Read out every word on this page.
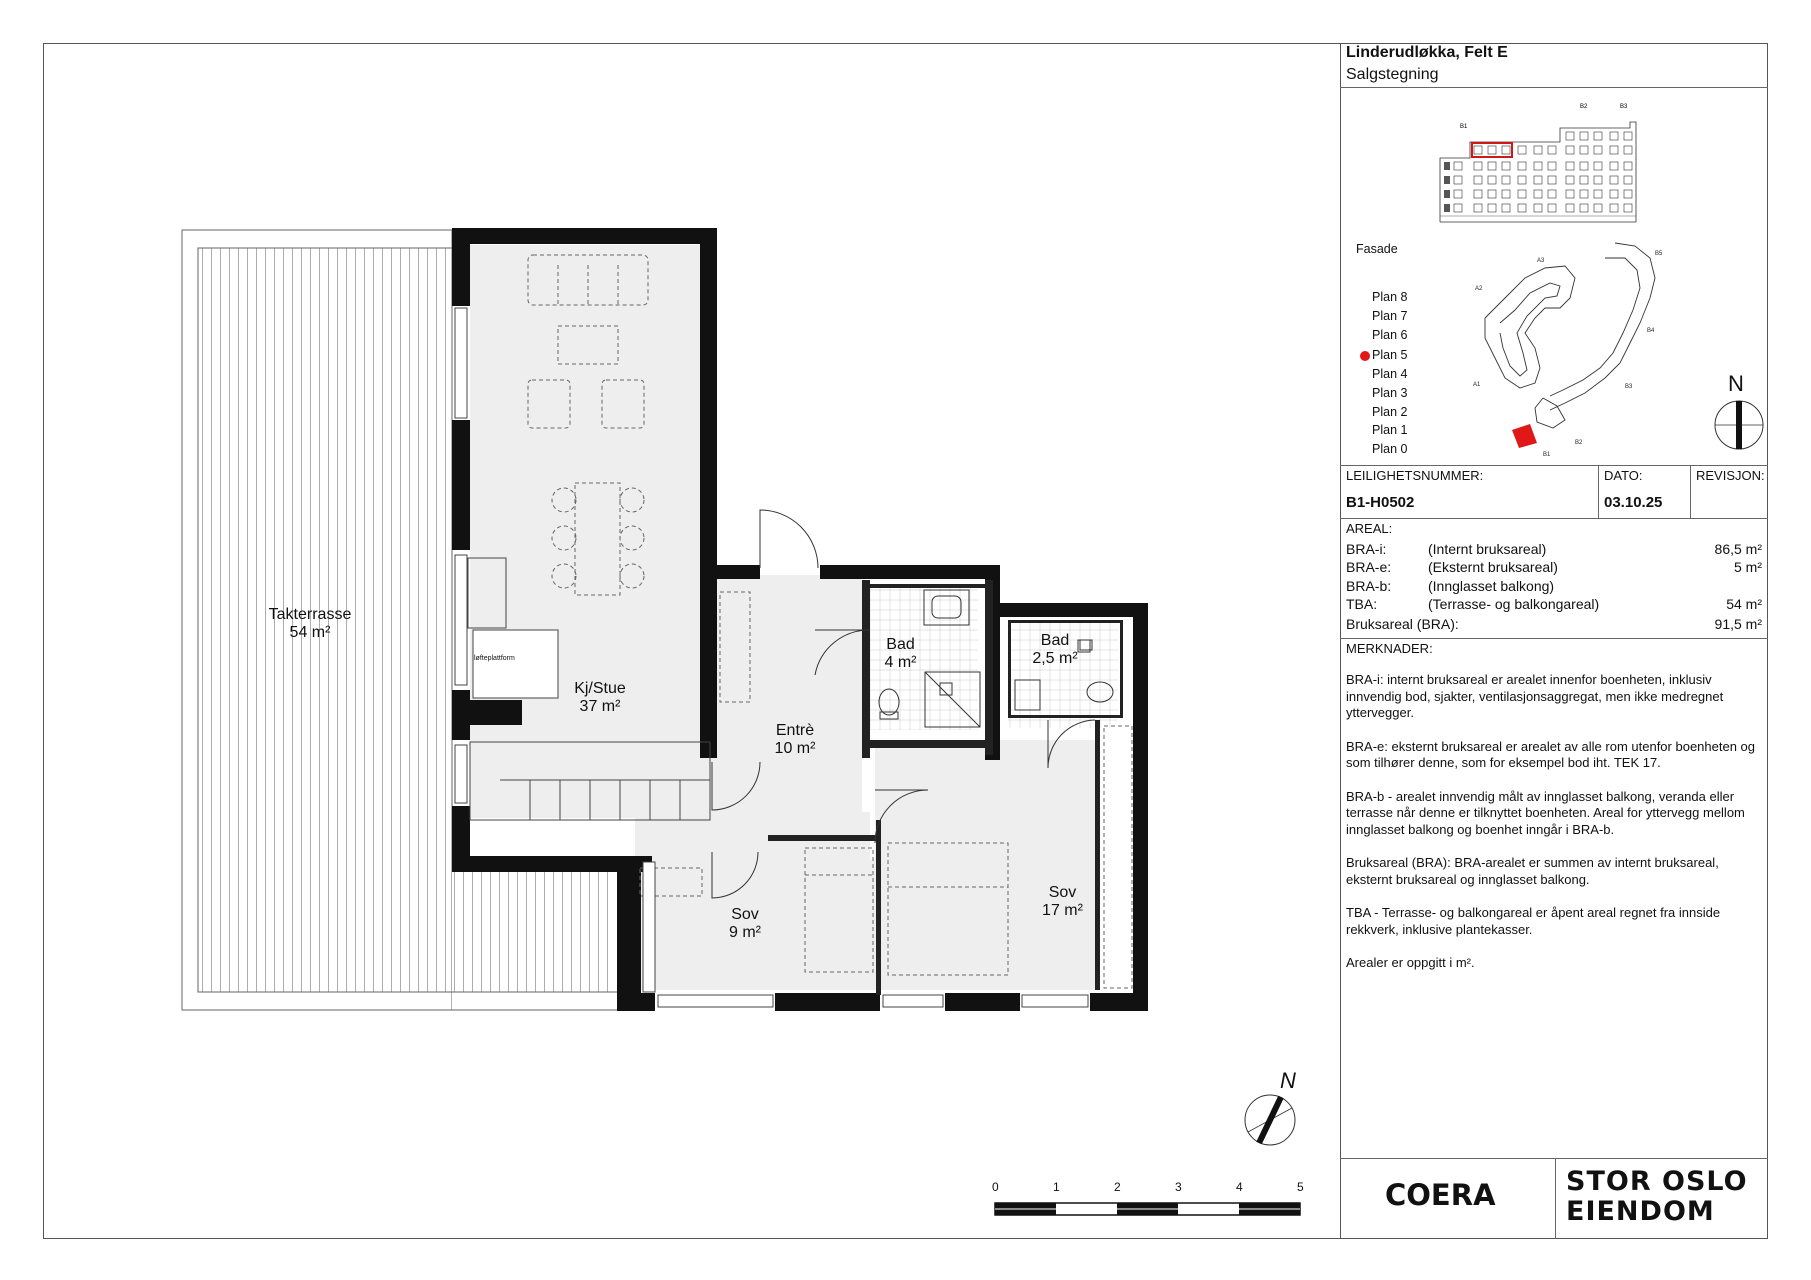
Linderudløkka, Felt E
Salgstegning
B1
B2	B3
Fasade
Plan 8
Plan 7
Plan 6
Plan 5
Plan 4
Plan 3
Plan 2
Plan 1
Plan 0
A1
A2
A3
B1
B2
B3
B4
B5
N
LEILIGHETSNUMMER:
B1-H0502
DATO:
03.10.25
REVISJON:
AREAL:
BRA-i:	(Internt bruksareal)	86,5 m²
BRA-e:	(Eksternt bruksareal)	5 m²
BRA-b:	(Innglasset balkong)
TBA:	(Terrasse- og balkongareal)	54 m²
Bruksareal (BRA):	91,5 m²
MERKNADER:

BRA-i: internt bruksareal er arealet innenfor boenheten, inklusiv innvendig bod, sjakter, ventilasjonsaggregat, men ikke medregnet yttervegger.

BRA-e: eksternt bruksareal er arealet av alle rom utenfor boenheten og som tilhører denne, som for eksempel bod iht. TEK 17.

BRA-b - arealet innvendig målt av innglasset balkong, veranda eller terrasse når denne er tilknyttet boenheten. Areal for yttervegg mellom innglasset balkong og boenhet inngår i BRA-b.

Bruksareal (BRA): BRA-arealet er summen av internt bruksareal, eksternt bruksareal og innglasset balkong.

TBA - Terrasse- og balkongareal er åpent areal regnet fra innside rekkverk, inklusive plantekasser.

Arealer er oppgitt i m².

COERA	STOR OSLO
EIENDOM
0	1	2	3	4	5
N
løfteplattform
Takterrasse
54 m²
Kj/Stue
37 m²
Entrè
10 m²
Bad
4 m²
Bad
2,5 m²
Sov
9 m²
Sov
17 m²
